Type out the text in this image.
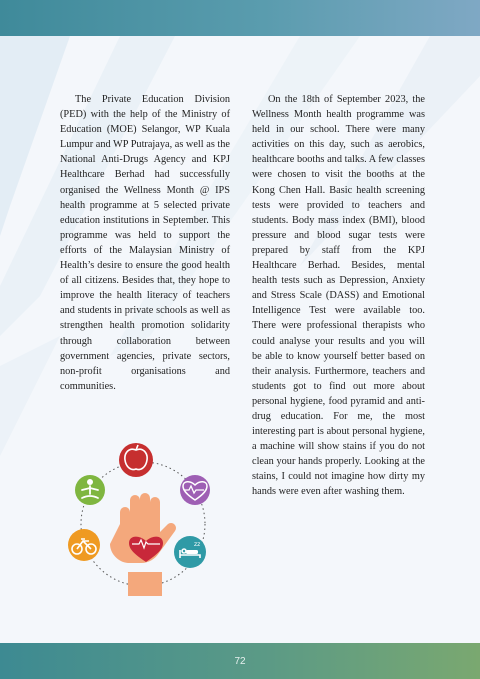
The Private Education Division (PED) with the help of the Ministry of Education (MOE) Selangor, WP Kuala Lumpur and WP Putrajaya, as well as the National Anti-Drugs Agency and KPJ Healthcare Berhad had successfully organised the Wellness Month @ IPS health programme at 5 selected private education institutions in September. This programme was held to support the efforts of the Malaysian Ministry of Health’s desire to ensure the good health of all citizens. Besides that, they hope to improve the health literacy of teachers and students in private schools as well as strengthen health promotion solidarity through collaboration between government agencies, private sectors, non-profit organisations and communities.

On the 18th of September 2023, the Wellness Month health programme was held in our school. There were many activities on this day, such as aerobics, healthcare booths and talks. A few classes were chosen to visit the booths at the Kong Chen Hall. Basic health screening tests were provided to teachers and students. Body mass index (BMI), blood pressure and blood sugar tests were prepared by staff from the KPJ Healthcare Berhad. Besides, mental health tests such as Depression, Anxiety and Stress Scale (DASS) and Emotional Intelligence Test were available too. There were professional therapists who could analyse your results and you will be able to know yourself better based on their analysis. Furthermore, teachers and students got to find out more about personal hygiene, food pyramid and anti-drug education. For me, the most interesting part is about personal hygiene, a machine will show stains if you do not clean your hands properly. Looking at the stains, I could not imagine how dirty my hands were even after washing them.

zz
72
